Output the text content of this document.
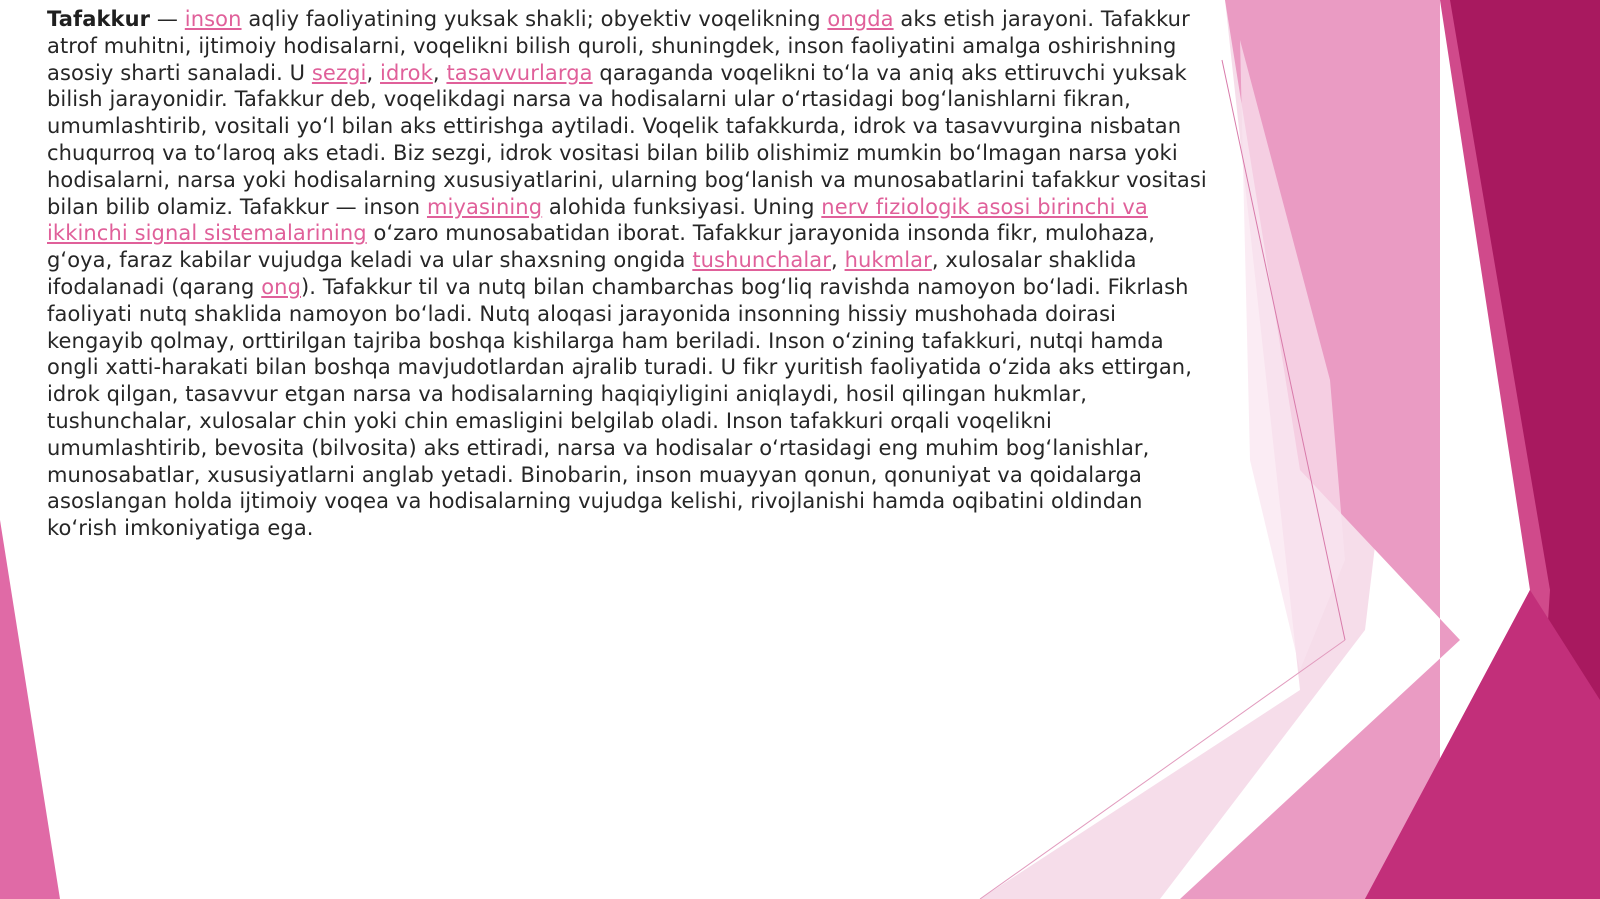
Tafakkur — inson aqliy faoliyatining yuksak shakli; obyektiv voqelikning ongda aks etish jarayoni. Tafakkur atrof muhitni, ijtimoiy hodisalarni, voqelikni bilish quroli, shuningdek, inson faoliyatini amalga oshirishning asosiy sharti sanaladi. U sezgi, idrok, tasavvurlarga qaraganda voqelikni toʻla va aniq aks ettiruvchi yuksak bilish jarayonidir. Tafakkur deb, voqelikdagi narsa va hodisalarni ular oʻrtasidagi bogʻlanishlarni fikran, umumlashtirib, vositali yoʻl bilan aks ettirishga aytiladi. Voqelik tafakkurda, idrok va tasavvurgina nisbatan chuqurroq va toʻlaroq aks etadi. Biz sezgi, idrok vositasi bilan bilib olishimiz mumkin boʻlmagan narsa yoki hodisalarni, narsa yoki hodisalarning xususiyatlarini, ularning bogʻlanish va munosabatlarini tafakkur vositasi bilan bilib olamiz. Tafakkur — inson miyasining alohida funksiyasi. Uning nerv fiziologik asosi birinchi va ikkinchi signal sistemalarining oʻzaro munosabatidan iborat. Tafakkur jarayonida insonda fikr, mulohaza, gʻoya, faraz kabilar vujudga keladi va ular shaxsning ongida tushunchalar, hukmlar, xulosalar shaklida ifodalanadi (qarang ong). Tafakkur til va nutq bilan chambarchas bogʻliq ravishda namoyon boʻladi. Fikrlash faoliyati nutq shaklida namoyon boʻladi. Nutq aloqasi jarayonida insonning hissiy mushohada doirasi kengayib qolmay, orttirilgan tajriba boshqa kishilarga ham beriladi. Inson oʻzining tafakkuri, nutqi hamda ongli xatti-harakati bilan boshqa mavjudotlardan ajralib turadi. U fikr yuritish faoliyatida oʻzida aks ettirgan, idrok qilgan, tasavvur etgan narsa va hodisalarning haqiqiyligini aniqlaydi, hosil qilingan hukmlar, tushunchalar, xulosalar chin yoki chin emasligini belgilab oladi. Inson tafakkuri orqali voqelikni umumlashtirib, bevosita (bilvosita) aks ettiradi, narsa va hodisalar oʻrtasidagi eng muhim bogʻlanishlar, munosabatlar, xususiyatlarni anglab yetadi. Binobarin, inson muayyan qonun, qonuniyat va qoidalarga asoslangan holda ijtimoiy voqea va hodisalarning vujudga kelishi, rivojlanishi hamda oqibatini oldindan koʻrish imkoniyatiga ega.
